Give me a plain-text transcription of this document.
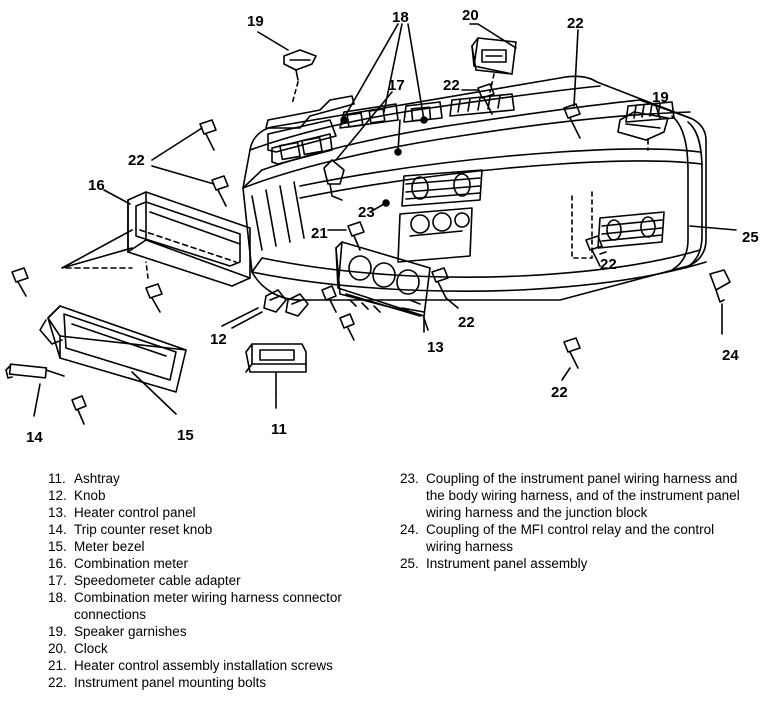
19	18	20	22
17	22
19
22
16
21
23
25
22
22
12	13	24
22
11
14	15
11. Ashtray
12. Knob
13. Heater control panel
14. Trip counter reset knob
15. Meter bezel
16. Combination meter
17. Speedometer cable adapter
18. Combination meter wiring harness connector connections
19. Speaker garnishes
20. Clock
21. Heater control assembly installation screws
22. Instrument panel mounting bolts
23. Coupling of the instrument panel wiring harness and the body wiring harness, and of the instrument panel wiring harness and the junction block
24. Coupling of the MFI control relay and the control wiring harness
25. Instrument panel assembly
